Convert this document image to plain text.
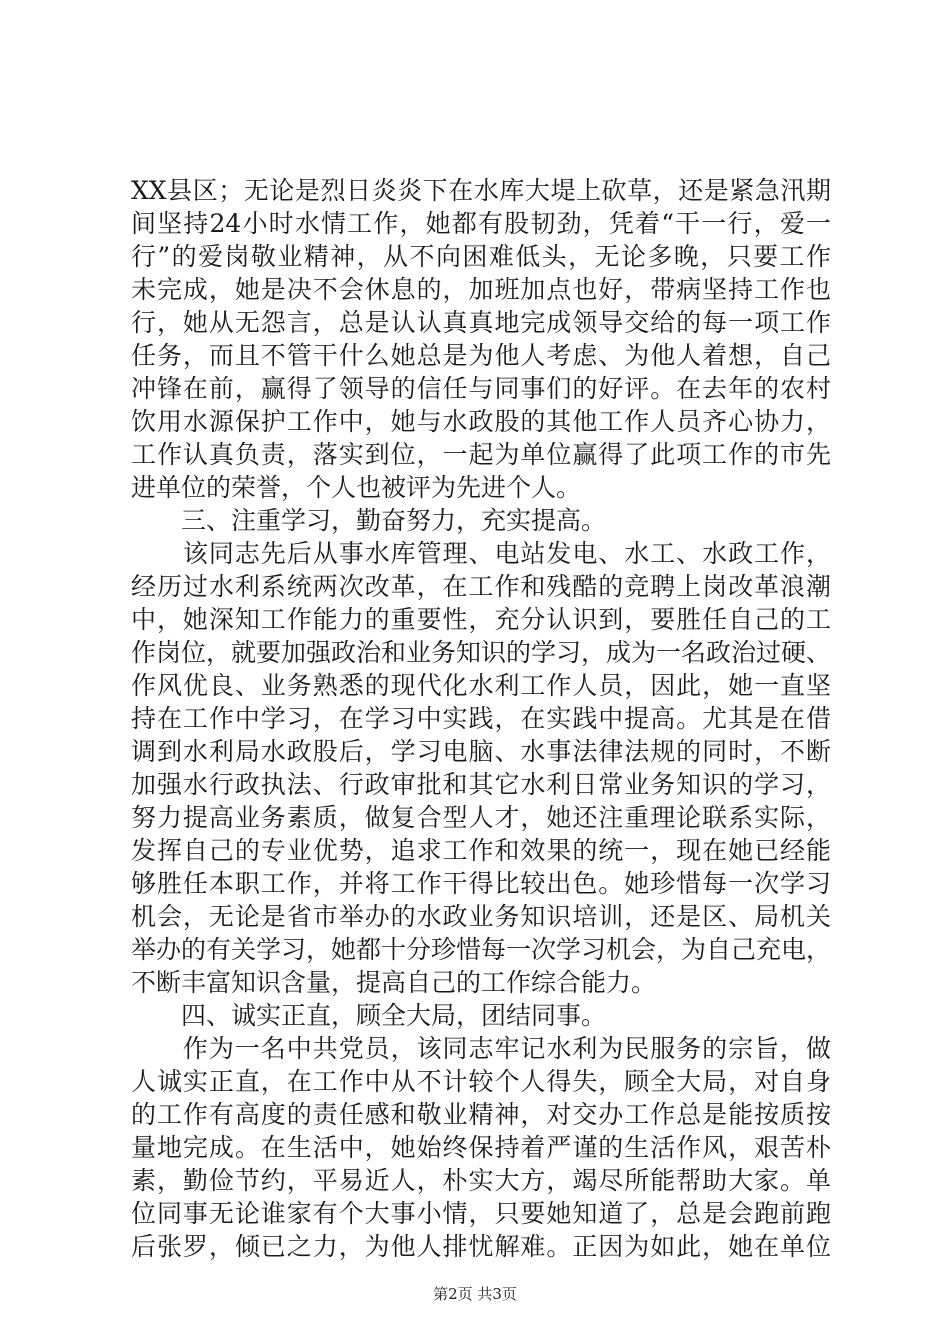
XX县区；无论是烈日炎炎下在水库大堤上砍草，还是紧急汛期
间坚持24小时水情工作，她都有股韧劲，凭着“干一行，爱一
行”的爱岗敬业精神，从不向困难低头，无论多晚，只要工作
未完成，她是决不会休息的，加班加点也好，带病坚持工作也
行，她从无怨言，总是认认真真地完成领导交给的每一项工作
任务，而且不管干什么她总是为他人考虑、为他人着想，自己
冲锋在前，赢得了领导的信任与同事们的好评。在去年的农村
饮用水源保护工作中，她与水政股的其他工作人员齐心协力，
工作认真负责，落实到位，一起为单位赢得了此项工作的市先
进单位的荣誉，个人也被评为先进个人。
　　三、注重学习，勤奋努力，充实提高。
　　该同志先后从事水库管理、电站发电、水工、水政工作，
经历过水利系统两次改革，在工作和残酷的竞聘上岗改革浪潮
中，她深知工作能力的重要性，充分认识到，要胜任自己的工
作岗位，就要加强政治和业务知识的学习，成为一名政治过硬、
作风优良、业务熟悉的现代化水利工作人员，因此，她一直坚
持在工作中学习，在学习中实践，在实践中提高。尤其是在借
调到水利局水政股后，学习电脑、水事法律法规的同时，不断
加强水行政执法、行政审批和其它水利日常业务知识的学习，
努力提高业务素质，做复合型人才，她还注重理论联系实际，
发挥自己的专业优势，追求工作和效果的统一，现在她已经能
够胜任本职工作，并将工作干得比较出色。她珍惜每一次学习
机会，无论是省市举办的水政业务知识培训，还是区、局机关
举办的有关学习，她都十分珍惜每一次学习机会，为自己充电，
不断丰富知识含量，提高自己的工作综合能力。
　　四、诚实正直，顾全大局，团结同事。
　　作为一名中共党员，该同志牢记水利为民服务的宗旨，做
人诚实正直，在工作中从不计较个人得失，顾全大局，对自身
的工作有高度的责任感和敬业精神，对交办工作总是能按质按
量地完成。在生活中，她始终保持着严谨的生活作风，艰苦朴
素，勤俭节约，平易近人，朴实大方，竭尽所能帮助大家。单
位同事无论谁家有个大事小情，只要她知道了，总是会跑前跑
后张罗，倾已之力，为他人排忧解难。正因为如此，她在单位
第2页 共3页
